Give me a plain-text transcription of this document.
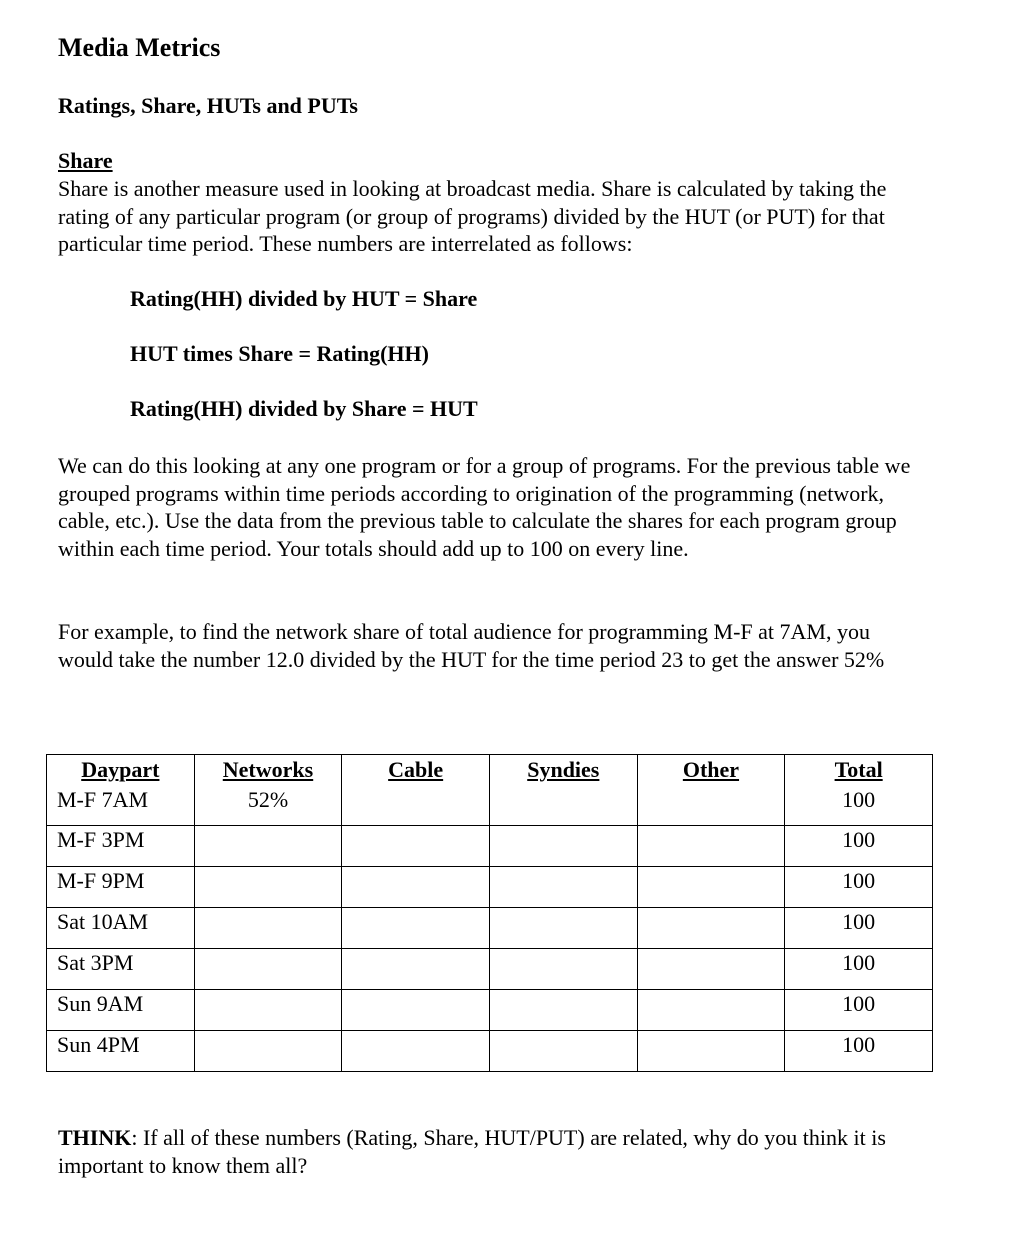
Media Metrics
Ratings, Share, HUTs and PUTs
Share

Share is another measure used in looking at broadcast media. Share is calculated by taking the rating of any particular program (or group of programs) divided by the HUT (or PUT) for that particular time period. These numbers are interrelated as follows:

Rating(HH) divided by HUT = Share

HUT times Share = Rating(HH)

Rating(HH) divided by Share = HUT

We can do this looking at any one program or for a group of programs. For the previous table we grouped programs within time periods according to origination of the programming (network, cable, etc.). Use the data from the previous table to calculate the shares for each program group within each time period. Your totals should add up to 100 on every line.

For example, to find the network share of total audience for programming M-F at 7AM, you would take the number 12.0 divided by the HUT for the time period 23 to get the answer 52%

Daypart	Networks	Cable	Syndies	Other	Total
M-F 7AM	52%				100
M-F 3PM					100
M-F 9PM					100
Sat 10AM					100
Sat 3PM					100
Sun 9AM					100
Sun 4PM					100

THINK: If all of these numbers (Rating, Share, HUT/PUT) are related, why do you think it is important to know them all?
